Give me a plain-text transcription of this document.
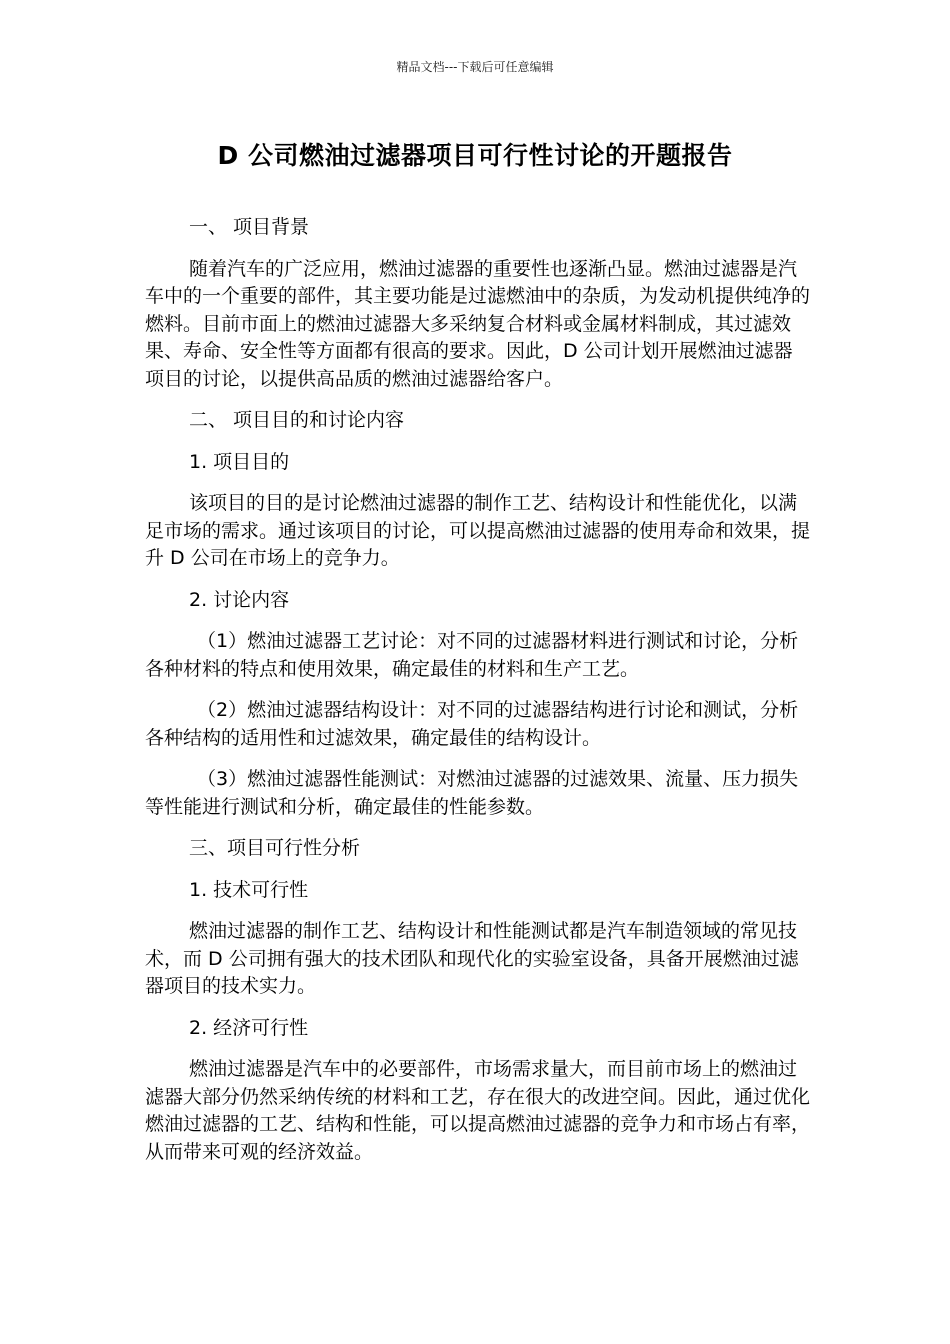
精品文档---下载后可任意编辑
D 公司燃油过滤器项目可行性讨论的开题报告
一、 项目背景
随着汽车的广泛应用，燃油过滤器的重要性也逐渐凸显。燃油过滤器是汽车中的一个重要的部件，其主要功能是过滤燃油中的杂质，为发动机提供纯净的燃料。目前市面上的燃油过滤器大多采纳复合材料或金属材料制成，其过滤效果、寿命、安全性等方面都有很高的要求。因此，D 公司计划开展燃油过滤器项目的讨论，以提供高品质的燃油过滤器给客户。
二、 项目目的和讨论内容
1. 项目目的
该项目的目的是讨论燃油过滤器的制作工艺、结构设计和性能优化，以满足市场的需求。通过该项目的讨论，可以提高燃油过滤器的使用寿命和效果，提升 D 公司在市场上的竞争力。
2. 讨论内容
（1）燃油过滤器工艺讨论：对不同的过滤器材料进行测试和讨论，分析各种材料的特点和使用效果，确定最佳的材料和生产工艺。
（2）燃油过滤器结构设计：对不同的过滤器结构进行讨论和测试，分析各种结构的适用性和过滤效果，确定最佳的结构设计。
（3）燃油过滤器性能测试：对燃油过滤器的过滤效果、流量、压力损失等性能进行测试和分析，确定最佳的性能参数。
三、项目可行性分析
1. 技术可行性
燃油过滤器的制作工艺、结构设计和性能测试都是汽车制造领域的常见技术，而 D 公司拥有强大的技术团队和现代化的实验室设备，具备开展燃油过滤器项目的技术实力。
2. 经济可行性
燃油过滤器是汽车中的必要部件，市场需求量大，而目前市场上的燃油过滤器大部分仍然采纳传统的材料和工艺，存在很大的改进空间。因此，通过优化燃油过滤器的工艺、结构和性能，可以提高燃油过滤器的竞争力和市场占有率，从而带来可观的经济效益。
